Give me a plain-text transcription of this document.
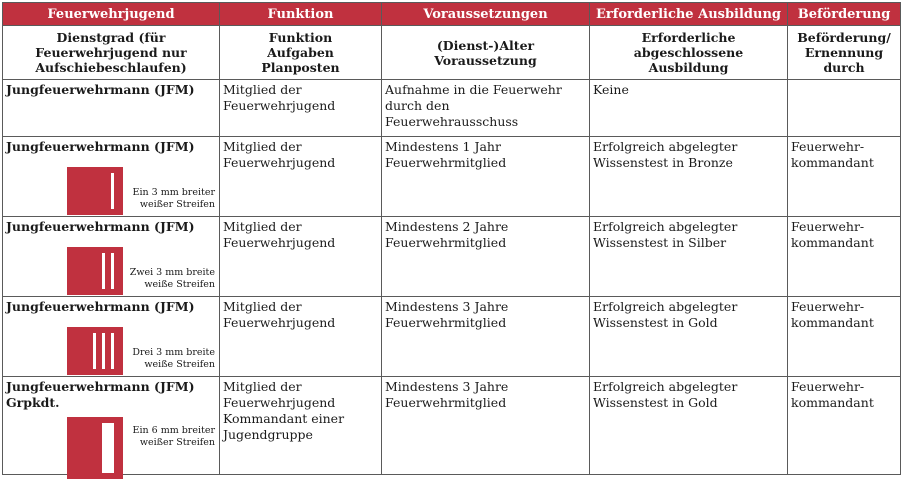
Feuerwehrjugend	Funktion	Voraussetzungen	Erforderliche Ausbildung	Beförderung
Dienstgrad (für Feuerwehrjugend nur Aufschiebeschlaufen)	Funktion Aufgaben Planposten	(Dienst-)Alter Voraussetzung	Erforderliche abgeschlossene Ausbildung	Beförderung/ Ernennung durch

Jungfeuerwehrmann (JFM)	Mitglied der Feuerwehrjugend	Aufnahme in die Feuerwehr durch den Feuerwehrausschuss	Keine	

Jungfeuerwehrmann (JFM)
Ein 3 mm breiter weißer Streifen	Mitglied der Feuerwehrjugend	Mindestens 1 Jahr Feuerwehrmitglied	Erfolgreich abgelegter Wissenstest in Bronze	Feuerwehr-kommandant

Jungfeuerwehrmann (JFM)
Zwei 3 mm breite weiße Streifen	Mitglied der Feuerwehrjugend	Mindestens 2 Jahre Feuerwehrmitglied	Erfolgreich abgelegter Wissenstest in Silber	Feuerwehr-kommandant

Jungfeuerwehrmann (JFM)
Drei 3 mm breite weiße Streifen	Mitglied der Feuerwehrjugend	Mindestens 3 Jahre Feuerwehrmitglied	Erfolgreich abgelegter Wissenstest in Gold	Feuerwehr-kommandant

Jungfeuerwehrmann (JFM) Grpkdt.
Ein 6 mm breiter weißer Streifen	Mitglied der Feuerwehrjugend Kommandant einer Jugendgruppe	Mindestens 3 Jahre Feuerwehrmitglied	Erfolgreich abgelegter Wissenstest in Gold	Feuerwehr-kommandant
